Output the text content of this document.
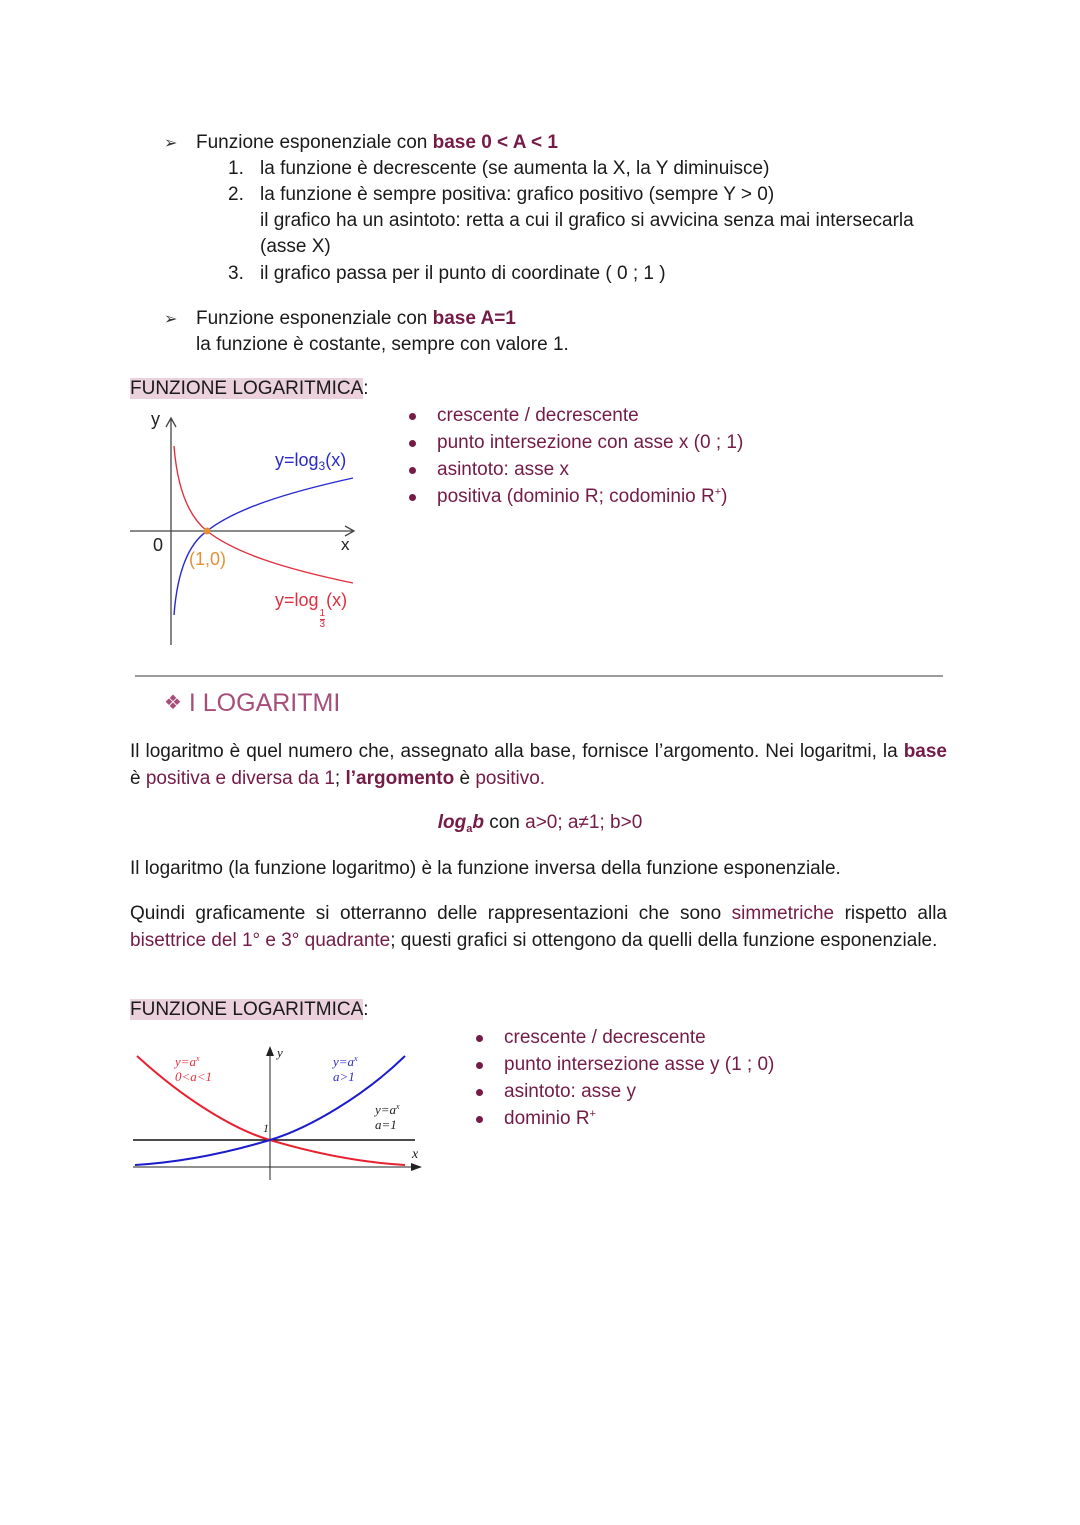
➢ Funzione esponenziale con base 0 < A < 1
1. la funzione è decrescente (se aumenta la X, la Y diminuisce)
2. la funzione è sempre positiva: grafico positivo (sempre Y > 0)
il grafico ha un asintoto: retta a cui il grafico si avvicina senza mai intersecarla
(asse X)
3. il grafico passa per il punto di coordinate ( 0 ; 1 )
➢ Funzione esponenziale con base A=1
la funzione è costante, sempre con valore 1.
FUNZIONE LOGARITMICA:
y
x
0
(1,0)
$y=\log_3(x)$
y=log
$\frac{1}{3}$
(x)
crescente / decrescente
punto intersezione con asse x (0 ; 1)
asintoto: asse x
positiva (dominio R; codominio R+)
❖ I LOGARITMI
Il logaritmo è quel numero che, assegnato alla base, fornisce l’argomento. Nei logaritmi, la base è positiva e diversa da 1; l’argomento è positivo.
$\log_ab$ con a>0; a≠1; b>0
Il logaritmo (la funzione logaritmo) è la funzione inversa della funzione esponenziale.
Quindi graficamente si otterranno delle rappresentazioni che sono simmetriche rispetto alla bisettrice del 1° e 3° quadrante; questi grafici si ottengono da quelli della funzione esponenziale.
FUNZIONE LOGARITMICA:
y
x
1
$y=a^x$
0<a<1
$y=a^x$
a>1
$y=a^x$
a=1
crescente / decrescente
punto intersezione asse y (1 ; 0)
asintoto: asse y
dominio R+
